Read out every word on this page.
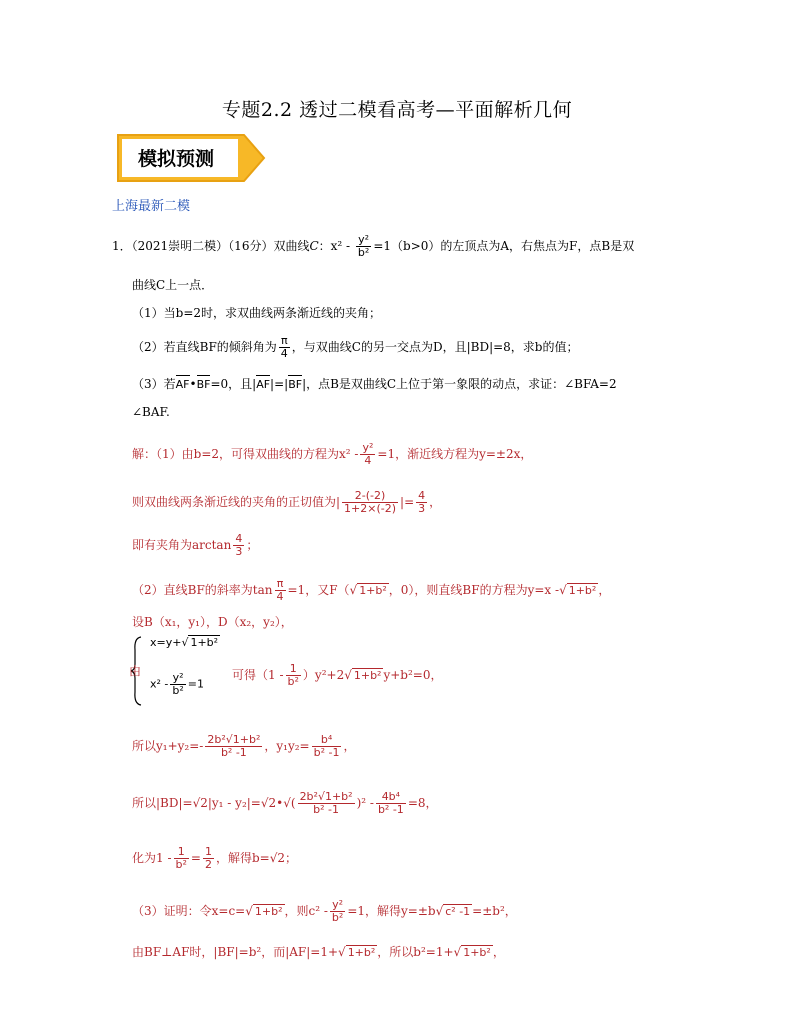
专题2.2 透过二模看高考—平面解析几何
模拟预测
上海最新二模
1．（2021崇明二模）（16分）双曲线C：$x^2 - \frac{\text{y²}}{\text{b²}} =1(b>0)$的左顶点为A，右焦点为F，点B是双
曲线C上一点．
（1）当b=2时，求双曲线两条渐近线的夹角；
（2）若直线BF的倾斜角为 $\frac{\pi}{4}$ ，与双曲线C的另一交点为D，且|BD|=8，求b的值；
（3）若AF•BF=0，且|AF|=|BF|，点B是双曲线C上位于第一象限的动点，求证：∠BFA=2
∠BAF.
解：（1）由b=2，可得双曲线的方程为$x^2 - \frac{\text{y²}}{4} =1$，渐近线方程为y=±2x，
则双曲线两条渐近线的夹角的正切值为| $\frac{2-(-2)}{1+2\times(-2)}$ |= $\frac{4}{3}$ ，
即有夹角为$\arctan \frac{4}{3}$ ；
（2）直线BF的斜率为$\tan \frac{\pi}{4} =1$，又F（√ 1+b² ，0），则直线BF的方程为y=x -√ 1+b² ，
设B（x₁，y₁），D（x₂，y₂），
由
x=y+√ 1+b²
$x^2 - \frac{\text{y²}}{\text{b²}} =1$
可得$(1 - \frac{1}{\text{b²}} )y^2+2√$ 1+b² y+b²=0，
所以$y_1+y_2=- \frac{\text{2b²√1+b²}}{\text{b² -1}}$ ，$y_1y_2= \frac{\text{b⁴}}{\text{b² -1}}$ ，
所以|BD|=√2|y₁ - y₂|=√2•√( $\frac{\text{2b²√1+b²}}{\text{b² -1}} )^2 - \frac{\text{4b⁴}}{\text{b² -1}} =8$，
化为$1 - \frac{1}{\text{b²}} = \frac{1}{2}$ ，解得b=√2；
（3）证明：令x=c=√ 1+b² ，则$c^2 - \frac{\text{y²}}{\text{b²}} =1$，解得y=±b√ c² -1 =±b²，
由BF⊥AF时，|BF|=b²，而|AF|=1+√ 1+b² ，所以b²=1+√ 1+b² ，
